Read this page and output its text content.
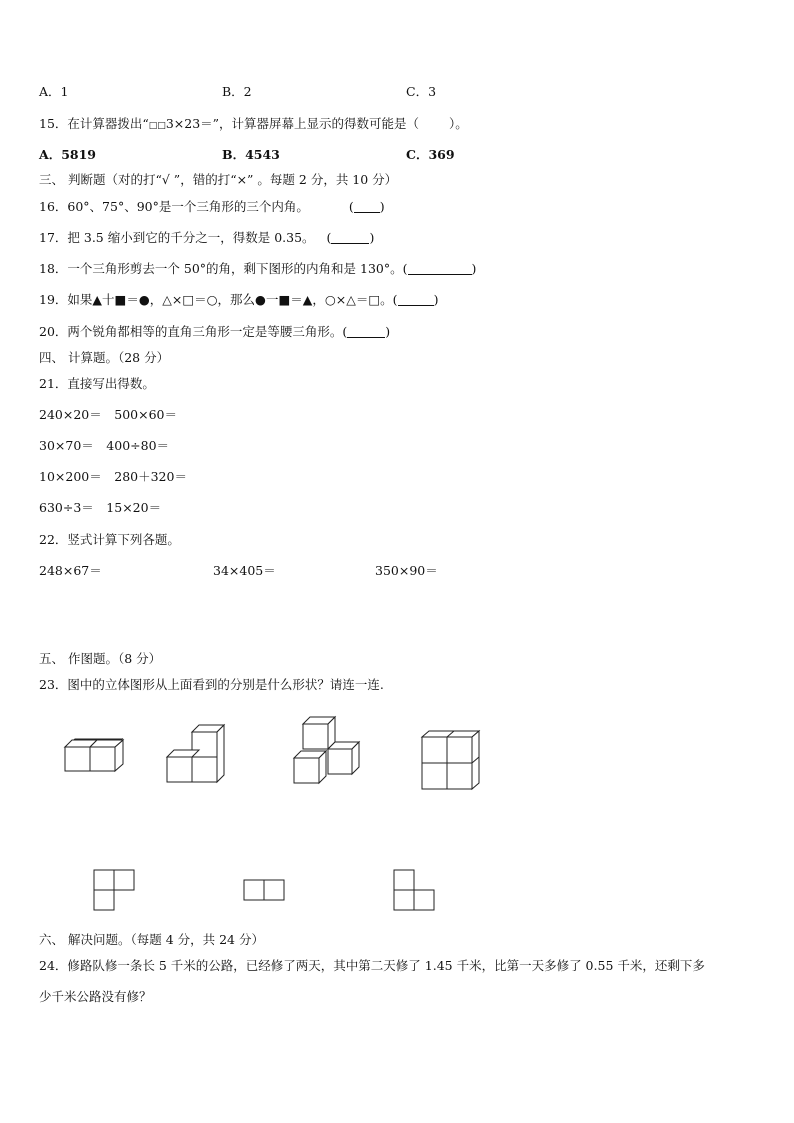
A．1	B．2	C．3
15．在计算器拨出“□□3×23＝”，计算器屏幕上显示的得数可能是（ ）。
A．5819	B．4543	C．369
三、 判断题（对的打“√ ”，错的打“×” 。每题 2 分，共 10 分）
16．60°、75°、90°是一个三角形的三个内角。	( )
17．把 3.5 缩小到它的千分之一，得数是 0.35。 (	)
18．一个三角形剪去一个 50°的角，剩下图形的内角和是 130°。(	)
19．如果▲十■＝●，△×□＝○，那么●一■＝▲，○×△＝□。(	)
20．两个锐角都相等的直角三角形一定是等腰三角形。(	)
四、 计算题。（28 分）
21．直接写出得数。
240×20＝　500×60＝
30×70＝　400÷80＝
10×200＝　280＋320＝
630÷3＝　15×20＝
22．竖式计算下列各题。
248×67＝	34×405＝	350×90＝
五、 作图题。（8 分）
23．图中的立体图形从上面看到的分别是什么形状？请连一连.
六、 解决问题。（每题 4 分，共 24 分）
24．修路队修一条长 5 千米的公路，已经修了两天，其中第二天修了 1.45 千米，比第一天多修了 0.55 千米，还剩下多
少千米公路没有修？
